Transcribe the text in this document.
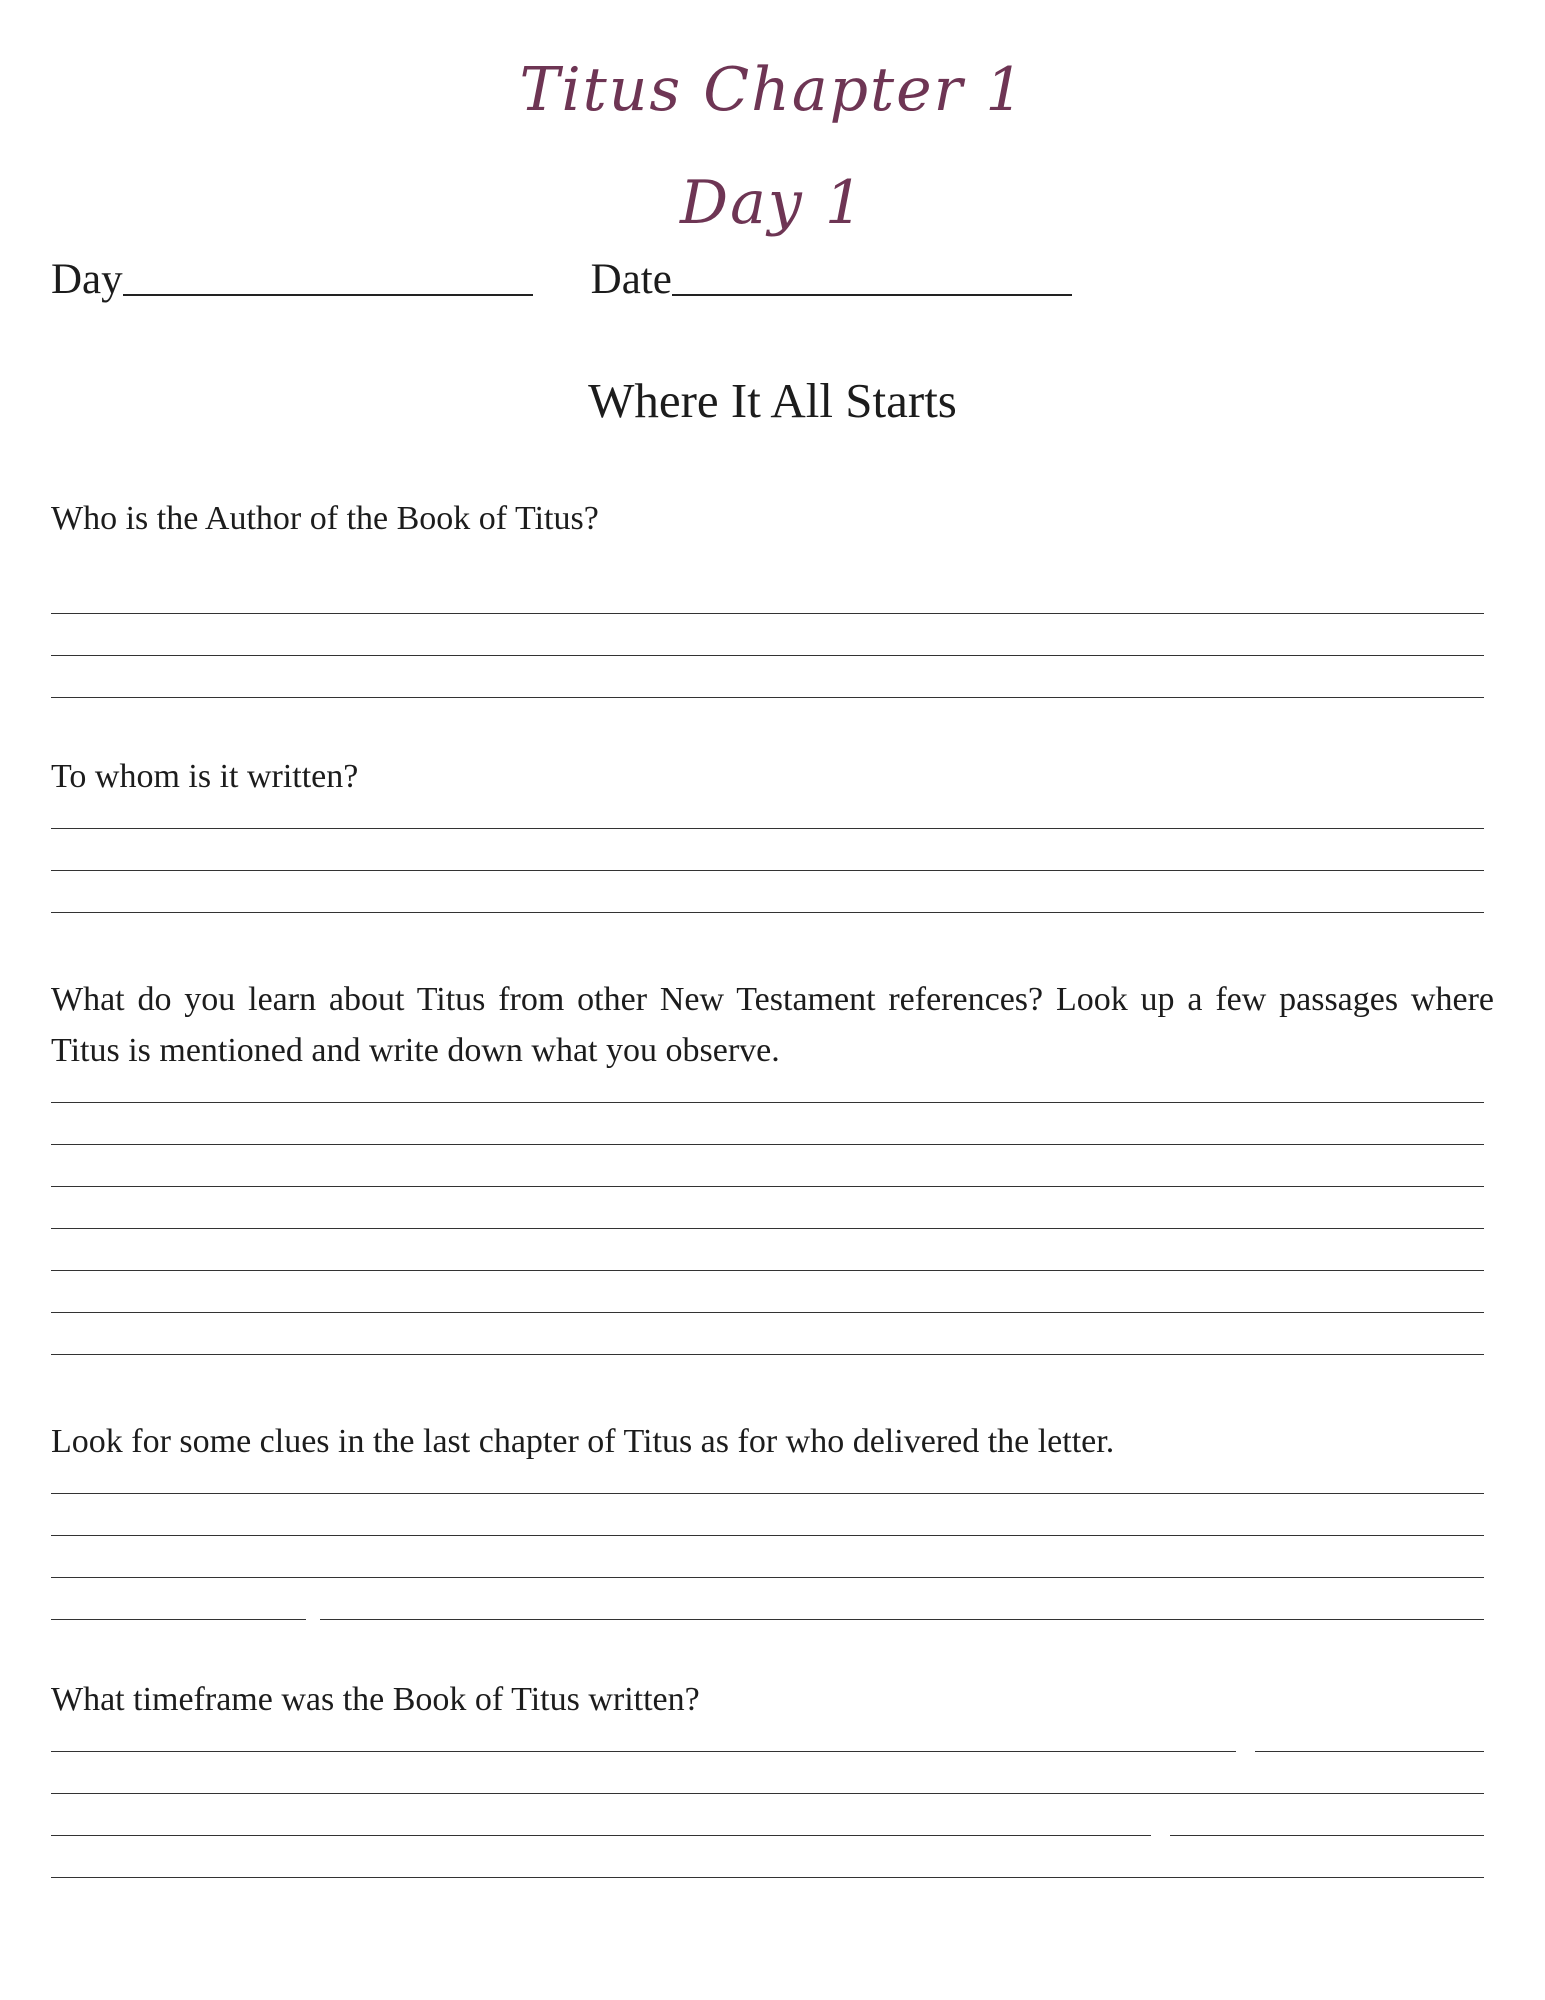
Titus Chapter 1
Day 1
Day	Date
Where It All Starts

Who is the Author of the Book of Titus?

To whom is it written?

What do you learn about Titus from other New Testament references? Look up a few passages where Titus is mentioned and write down what you observe.

Look for some clues in the last chapter of Titus as for who delivered the letter.

What timeframe was the Book of Titus written?
